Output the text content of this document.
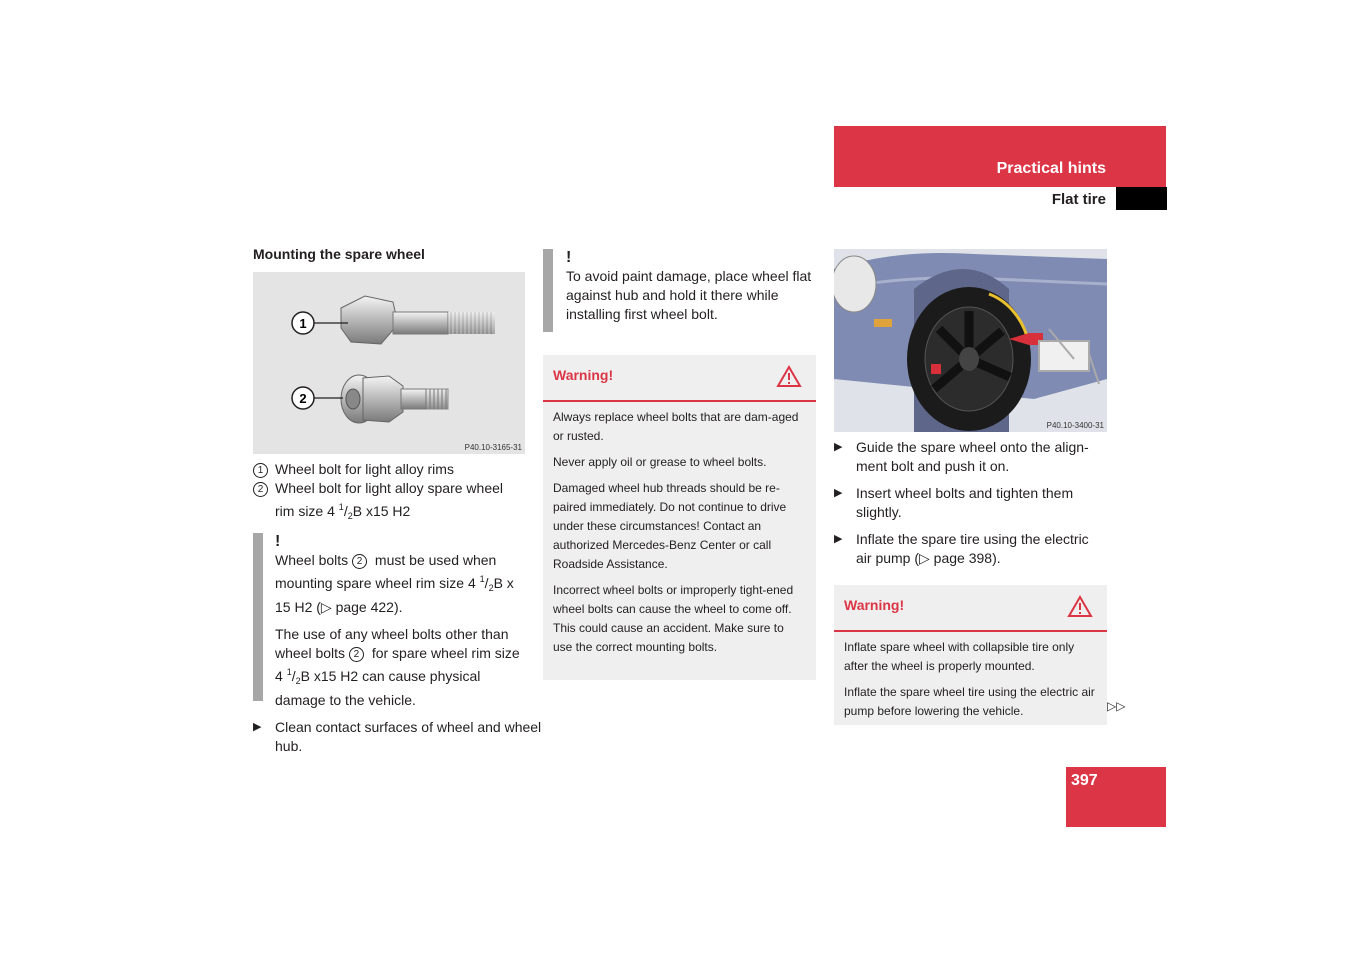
Practical hints
Flat tire
Mounting the spare wheel
1
2
P40.10-3165-31
1 Wheel bolt for light alloy rims
2 Wheel bolt for light alloy spare wheel rim size 4 $^1/_2B$ x15 H2
!

Wheel bolts 2 must be used when mounting spare wheel rim size 4 $^1/_2B$ x 15 H2 (▷ page 422).

The use of any wheel bolts other than wheel bolts 2 for spare wheel rim size 4 $^1/_2B$ x15 H2 can cause physical damage to the vehicle.

▶ Clean contact surfaces of wheel and wheel hub.
!
To avoid paint damage, place wheel flat against hub and hold it there while installing first wheel bolt.
Warning!

Always replace wheel bolts that are dam-aged or rusted.

Never apply oil or grease to wheel bolts.

Damaged wheel hub threads should be re-paired immediately. Do not continue to drive under these circumstances! Contact an authorized Mercedes-Benz Center or call Roadside Assistance.

Incorrect wheel bolts or improperly tight-ened wheel bolts can cause the wheel to come off. This could cause an accident. Make sure to use the correct mounting bolts.

P40.10-3400-31
▶ Guide the spare wheel onto the align-ment bolt and push it on.
▶ Insert wheel bolts and tighten them slightly.
▶ Inflate the spare tire using the electric air pump (▷ page 398).
Warning!

Inflate spare wheel with collapsible tire only after the wheel is properly mounted.

Inflate the spare wheel tire using the electric air pump before lowering the vehicle.	▷▷
397
